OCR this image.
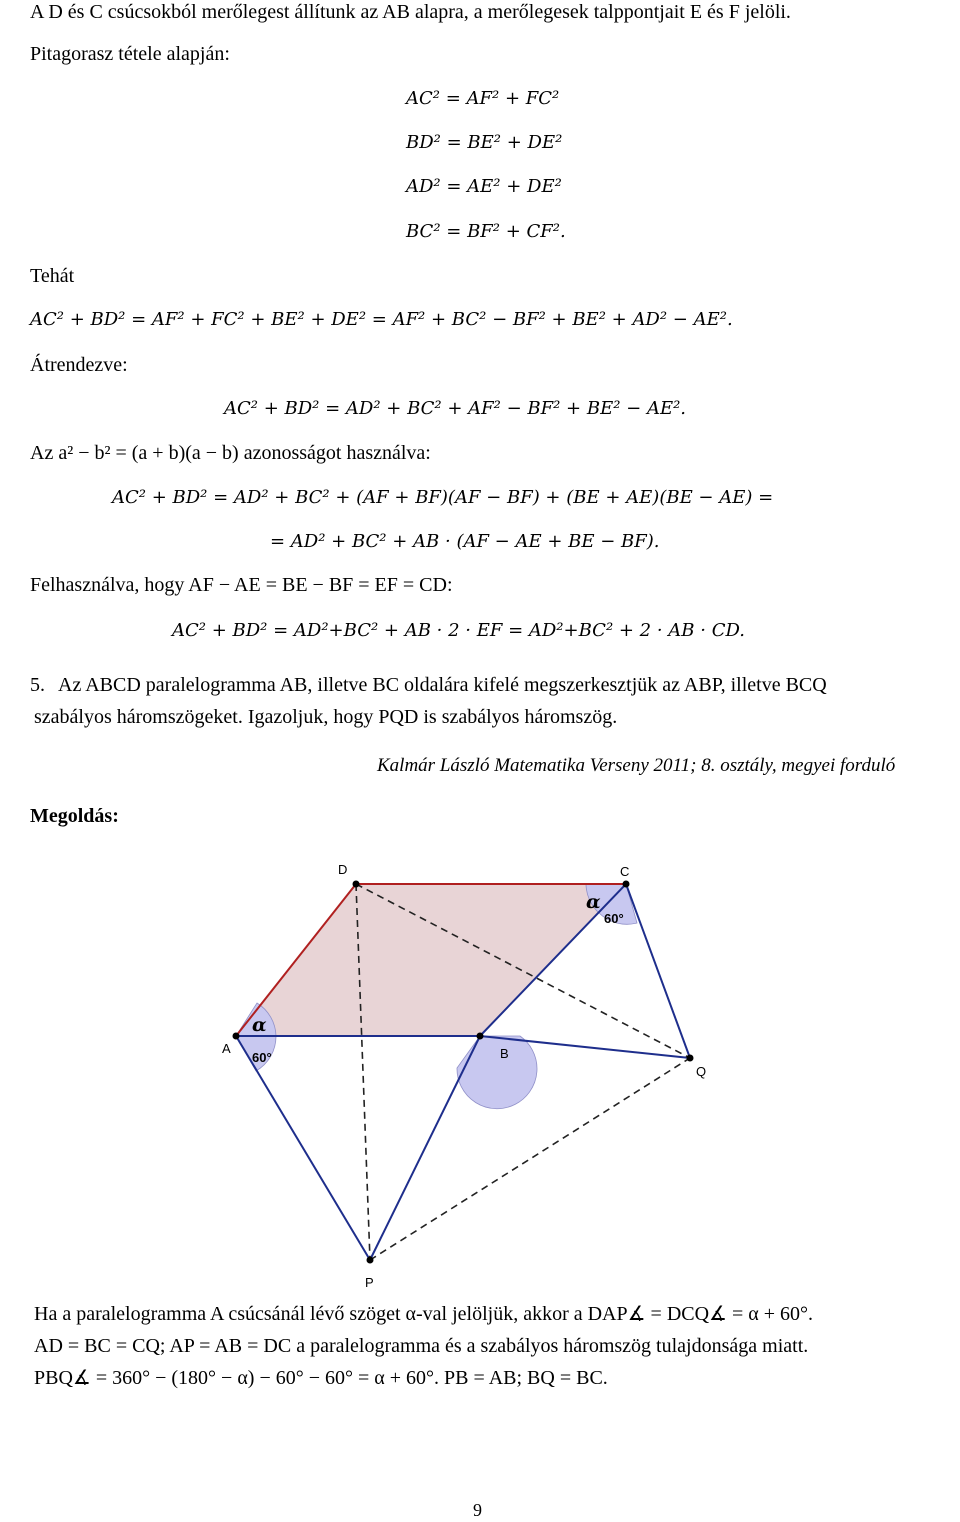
A D és C csúcsokból merőlegest állítunk az AB alapra, a merőlegesek talppontjait E és F jelöli.
Pitagorasz tétele alapján:
AC² = AF² + FC²
BD² = BE² + DE²
AD² = AE² + DE²
BC² = BF² + CF².
Tehát
AC² + BD² = AF² + FC² + BE² + DE² = AF² + BC² − BF² + BE² + AD² − AE².
Átrendezve:
AC² + BD² = AD² + BC² + AF² − BF² + BE² − AE².
Az a² − b² = (a + b)(a − b) azonosságot használva:
AC² + BD² = AD² + BC² + (AF + BF)(AF − BF) + (BE + AE)(BE − AE) =
= AD² + BC² + AB · (AF − AE + BE − BF).
Felhasználva, hogy AF − AE = BE − BF = EF = CD:
AC² + BD² = AD²+BC² + AB · 2 · EF = AD²+BC² + 2 · AB · CD.
5. Az ABCD paralelogramma AB, illetve BC oldalára kifelé megszerkesztjük az ABP, illetve BCQ
szabályos háromszögeket. Igazoljuk, hogy PQD is szabályos háromszög.
Kalmár László Matematika Verseny 2011; 8. osztály, megyei forduló
Megoldás:
A	B
C
D
P
Q
α
α
60°
60°
Ha a paralelogramma A csúcsánál lévő szöget α-val jelöljük, akkor a DAP∡ = DCQ∡ = α + 60°.
AD = BC = CQ; AP = AB = DC a paralelogramma és a szabályos háromszög tulajdonsága miatt.
PBQ∡ = 360° − (180° − α) − 60° − 60° = α + 60°. PB = AB; BQ = BC.
9
